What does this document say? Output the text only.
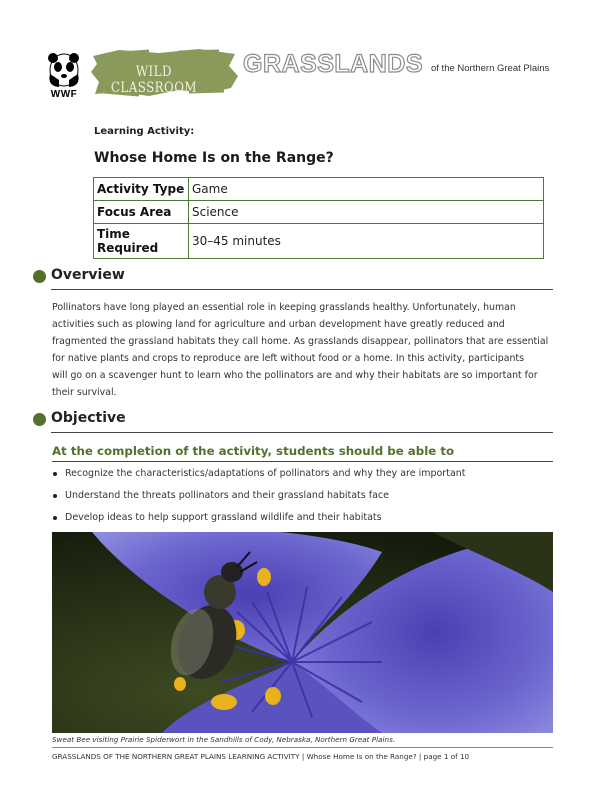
WWF
WILD CLASSROOM
GRASSLANDS of the Northern Great Plains
Learning Activity:
Whose Home Is on the Range?
Activity Type	Game
Focus Area	Science
Time Required	30–45 minutes
Overview
Pollinators have long played an essential role in keeping grasslands healthy. Unfortunately, human
activities such as plowing land for agriculture and urban development have greatly reduced and
fragmented the grassland habitats they call home. As grasslands disappear, pollinators that are essential
for native plants and crops to reproduce are left without food or a home. In this activity, participants
will go on a scavenger hunt to learn who the pollinators are and why their habitats are so important for
their survival.
Objective
At the completion of the activity, students should be able to
Recognize the characteristics/adaptations of pollinators and why they are important
Understand the threats pollinators and their grassland habitats face
Develop ideas to help support grassland wildlife and their habitats
Sweat Bee visiting Prairie Spiderwort in the Sandhills of Cody, Nebraska, Northern Great Plains.
GRASSLANDS OF THE NORTHERN GREAT PLAINS LEARNING ACTIVITY | Whose Home Is on the Range? | page 1 of 10
